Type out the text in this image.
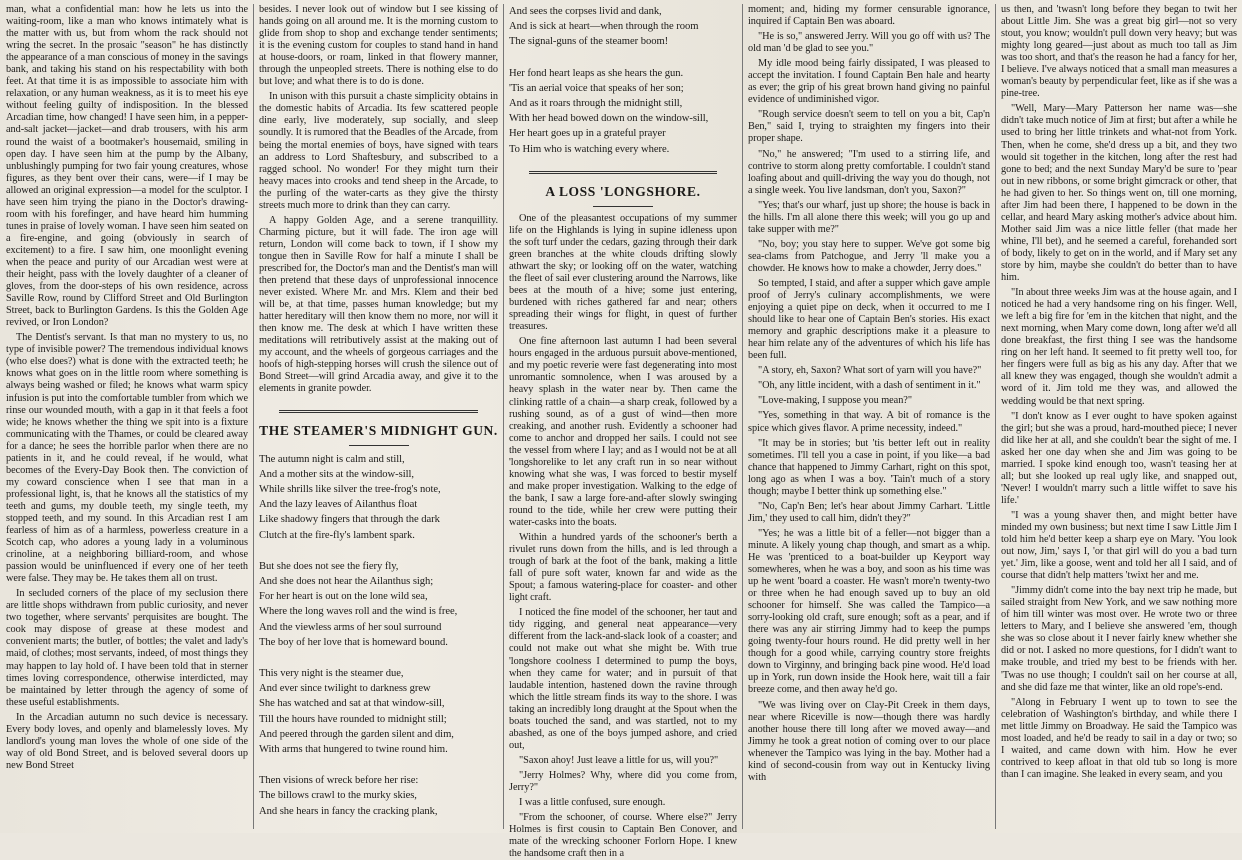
man, what a confidential man: how he lets us into the waiting-room, like a man who knows intimately what is the matter with us, but from whom the rack should not wring the secret. In the prosaic "season" he has distinctly the appearance of a man conscious of money in the savings bank, and taking his stand on his respectability with both feet. At that time it is as impossible to associate him with relaxation, or any human weakness, as it is to meet his eye without feeling guilty of indisposition. In the blessed Arcadian time, how changed! I have seen him, in a pepper-and-salt jacket—jacket—and drab trousers, with his arm round the waist of a bootmaker's housemaid, smiling in open day. I have seen him at the pump by the Albany, unblushingly pumping for two fair young creatures, whose figures, as they bent over their cans, were—if I may be allowed an original expression—a model for the sculptor. I have seen him trying the piano in the Doctor's drawing-room with his forefinger, and have heard him humming tunes in praise of lovely woman. I have seen him seated on a fire-engine, and going (obviously in search of excitement) to a fire. I saw him, one moonlight evening when the peace and purity of our Arcadian west were at their height, pass with the lovely daughter of a cleaner of gloves, from the door-steps of his own residence, across Saville Row, round by Clifford Street and Old Burlington Street, back to Burlington Gardens. Is this the Golden Age revived, or Iron London?

The Dentist's servant. Is that man no mystery to us, no type of invisible power? The tremendous individual knows (who else does?) what is done with the extracted teeth; he knows what goes on in the little room where something is always being washed or filed; he knows what warm spicy infusion is put into the comfortable tumbler from which we rinse our wounded mouth, with a gap in it that feels a foot wide; he knows whether the thing we spit into is a fixture communicating with the Thames, or could be cleared away for a dance; he sees the horrible parlor when there are no patients in it, and he could reveal, if he would, what becomes of the Every-Day Book then. The conviction of my coward conscience when I see that man in a professional light, is, that he knows all the statistics of my teeth and gums, my double teeth, my single teeth, my stopped teeth, and my sound. In this Arcadian rest I am fearless of him as of a harmless, powerless creature in a Scotch cap, who adores a young lady in a voluminous crinoline, at a neighboring billiard-room, and whose passion would be uninfluenced if every one of her teeth were false. They may be. He takes them all on trust.

In secluded corners of the place of my seclusion there are little shops withdrawn from public curiosity, and never two together, where servants' perquisites are bought. The cook may dispose of grease at these modest and convenient marts; the butler, of bottles; the valet and lady's maid, of clothes; most servants, indeed, of most things they may happen to lay hold of. I have been told that in sterner times loving correspondence, otherwise interdicted, may be maintained by letter through the agency of some of these useful establishments.

In the Arcadian autumn no such device is necessary. Every body loves, and openly and blamelessly loves. My landlord's young man loves the whole of one side of the way of old Bond Street, and is beloved several doors up new Bond Street

besides. I never look out of window but I see kissing of hands going on all around me. It is the morning custom to glide from shop to shop and exchange tender sentiments; it is the evening custom for couples to stand hand in hand at house-doors, or roam, linked in that flowery manner, through the unpeopled streets. There is nothing else to do but love; and what there is to do is done.

In unison with this pursuit a chaste simplicity obtains in the domestic habits of Arcadia. Its few scattered people dine early, live moderately, sup socially, and sleep soundly. It is rumored that the Beadles of the Arcade, from being the mortal enemies of boys, have signed with tears an address to Lord Shaftesbury, and subscribed to a ragged school. No wonder! For they might turn their heavy maces into crooks and tend sheep in the Arcade, to the purling of the water-carts as they give the thirsty streets much more to drink than they can carry.

A happy Golden Age, and a serene tranquillity. Charming picture, but it will fade. The iron age will return, London will come back to town, if I show my tongue then in Saville Row for half a minute I shall be prescribed for, the Doctor's man and the Dentist's man will then pretend that these days of unprofessional innocence never existed. Where Mr. and Mrs. Klem and their bed will be, at that time, passes human knowledge; but my hatter hereditary will then know them no more, nor will it then know me. The desk at which I have written these meditations will retributively assist at the making out of my account, and the wheels of gorgeous carriages and the hoofs of high-stepping horses will crush the silence out of Bond Street—will grind Arcadia away, and give it to the elements in granite powder.

THE STEAMER'S MIDNIGHT GUN.
The autumn night is calm and still,
And a mother sits at the window-sill,
While shrills like silver the tree-frog's note,
And the lazy leaves of Ailanthus float
Like shadowy fingers that through the dark
Clutch at the fire-fly's lambent spark.
But she does not see the fiery fly,
And she does not hear the Ailanthus sigh;
For her heart is out on the lone wild sea,
Where the long waves roll and the wind is free,
And the viewless arms of her soul surround
The boy of her love that is homeward bound.
This very night is the steamer due,
And ever since twilight to darkness grew
She has watched and sat at that window-sill,
Till the hours have rounded to midnight still;
And peered through the garden silent and dim,
With arms that hungered to twine round him.
Then visions of wreck before her rise:
The billows crawl to the murky skies,
And she hears in fancy the cracking plank,
And sees the corpses livid and dank,
And is sick at heart—when through the room
The signal-guns of the steamer boom!
Her fond heart leaps as she hears the gun.
'Tis an aerial voice that speaks of her son;
And as it roars through the midnight still,
With her head bowed down on the window-sill,
Her heart goes up in a grateful prayer
To Him who is watching every where.
A LOSS 'LONGSHORE.

One of the pleasantest occupations of my summer life on the Highlands is lying in supine idleness upon the soft turf under the cedars, gazing through their dark green branches at the white clouds drifting slowly athwart the sky; or looking off on the water, watching the fleet of sail ever clustering around the Narrows, like bees at the mouth of a hive; some just entering, burdened with riches gathered far and near; others spreading their wings for flight, in quest of further treasures.

One fine afternoon last autumn I had been several hours engaged in the arduous pursuit above-mentioned, and my poetic reverie were fast degenerating into most unromantic somnolence, when I was aroused by a heavy splash in the water near by. Then came the clinking rattle of a chain—a sharp creak, followed by a rushing sound, as of a gust of wind—then more creaking, and another rush. Evidently a schooner had come to anchor and dropped her sails. I could not see the vessel from where I lay; and as I would not be at all 'longshorelike to let any craft run in so near without knowing what she was, I was forced to bestir myself and make proper investigation. Walking to the edge of the bank, I saw a large fore-and-after slowly swinging round to the tide, while her crew were putting their water-casks into the boats.

Within a hundred yards of the schooner's berth a rivulet runs down from the hills, and is led through a trough of bark at the foot of the bank, making a little fall of pure soft water, known far and wide as the Spout; a famous watering-place for coaster- and other light craft.

I noticed the fine model of the schooner, her taut and tidy rigging, and general neat appearance—very different from the lack-and-slack look of a coaster; and could not make out what she might be. With true 'longshore coolness I determined to pump the boys, when they came for water; and in pursuit of that laudable intention, hastened down the ravine through which the little stream finds its way to the shore. I was taking an incredibly long draught at the Spout when the boats touched the sand, and was startled, not to my abashed, as one of the boys jumped ashore, and cried out,

"Saxon ahoy! Just leave a little for us, will you?"

"Jerry Holmes? Why, where did you come from, Jerry?"

I was a little confused, sure enough.

"From the schooner, of course. Where else?" Jerry Holmes is first cousin to Captain Ben Conover, and mate of the wrecking schooner Forlorn Hope. I knew the handsome craft then in a

moment; and, hiding my former censurable ignorance, inquired if Captain Ben was aboard.

"He is so," answered Jerry. Will you go off with us? The old man 'd be glad to see you."

My idle mood being fairly dissipated, I was pleased to accept the invitation. I found Captain Ben hale and hearty as ever; the grip of his great brown hand giving no painful evidence of undiminished vigor.

"Rough service doesn't seem to tell on you a bit, Cap'n Ben," said I, trying to straighten my fingers into their proper shape.

"No," he answered; "I'm used to a stirring life, and contrive to storm along pretty comfortable. I couldn't stand loafing about and quill-driving the way you do though, not a single week. You live landsman, don't you, Saxon?"

"Yes; that's our wharf, just up shore; the house is back in the hills. I'm all alone there this week; will you go up and take supper with me?"

"No, boy; you stay here to supper. We've got some big sea-clams from Patchogue, and Jerry 'll make you a chowder. He knows how to make a chowder, Jerry does."

So tempted, I staid, and after a supper which gave ample proof of Jerry's culinary accomplishments, we were enjoying a quiet pipe on deck, when it occurred to me I should like to hear one of Captain Ben's stories. His exact memory and graphic descriptions make it a pleasure to hear him relate any of the adventures of which his life has been full.

"A story, eh, Saxon? What sort of yarn will you have?"

"Oh, any little incident, with a dash of sentiment in it."

"Love-making, I suppose you mean?"

"Yes, something in that way. A bit of romance is the spice which gives flavor. A prime necessity, indeed."

"It may be in stories; but 'tis better left out in reality sometimes. I'll tell you a case in point, if you like—a bad chance that happened to Jimmy Carhart, right on this spot, long ago as when I was a boy. 'Tain't much of a story though; maybe I better think up something else."

"No, Cap'n Ben; let's hear about Jimmy Carhart. 'Little Jim,' they used to call him, didn't they?"

"Yes; he was a little bit of a feller—not bigger than a minute. A likely young chap though, and smart as a whip. He was 'prenticed to a boat-builder up Keyport way somewheres, when he was a boy, and soon as his time was up he went 'board a coaster. He wasn't more'n twenty-two or three when he had enough saved up to buy an old schooner for himself. She was called the Tampico—a sorry-looking old craft, sure enough; soft as a pear, and if there was any air stirring Jimmy had to keep the pumps going twenty-four hours round. He did pretty well in her though for a good while, carrying country store freights down to Virginny, and bringing back pine wood. He'd load up in York, run down inside the Hook here, wait till a fair breeze come, and then away he'd go.

"We was living over on Clay-Pit Creek in them days, near where Riceville is now—though there was hardly another house there till long after we moved away—and Jimmy he took a great notion of coming over to our place whenever the Tampico was lying in the bay. Mother had a kind of second-cousin from way out in Kentucky living with

us then, and 'twasn't long before they began to twit her about Little Jim. She was a great big girl—not so very stout, you know; wouldn't pull down very heavy; but was mighty long geared—just about as much too tall as Jim was too short, and that's the reason he had a fancy for her, I believe. I've always noticed that a small man measures a woman's beauty by perpendicular feet, like as if she was a pine-tree.

"Well, Mary—Mary Patterson her name was—she didn't take much notice of Jim at first; but after a while he used to bring her little trinkets and what-not from York. Then, when he come, she'd dress up a bit, and they two would sit together in the kitchen, long after the rest had gone to bed; and the next Sunday Mary'd be sure to 'pear out in new ribbons, or some bright gimcrack or other, that he had given to her. So things went on, till one morning, after Jim had been there, I happened to be down in the cellar, and heard Mary asking mother's advice about him. Mother said Jim was a nice little feller (that made her whine, I'll bet), and he seemed a careful, forehanded sort of body, likely to get on in the world, and if Mary set any store by him, maybe she couldn't do better than to have him.

"In about three weeks Jim was at the house again, and I noticed he had a very handsome ring on his finger. Well, we left a big fire for 'em in the kitchen that night, and the next morning, when Mary come down, long after we'd all done breakfast, the first thing I see was the handsome ring on her left hand. It seemed to fit pretty well too, for her fingers were full as big as his any day. After that we all knew they was engaged, though she wouldn't admit a word of it. Jim told me they was, and allowed the wedding would be that next spring.

"I don't know as I ever ought to have spoken against the girl; but she was a proud, hard-mouthed piece; I never did like her at all, and she couldn't bear the sight of me. I asked her one day when she and Jim was going to be married. I spoke kind enough too, wasn't teasing her at all; but she looked up real ugly like, and snapped out, 'Never! I wouldn't marry such a little wiffet to save his life.'

"I was a young shaver then, and might better have minded my own business; but next time I saw Little Jim I told him he'd better keep a sharp eye on Mary. 'You look out now, Jim,' says I, 'or that girl will do you a bad turn yet.' Jim, like a goose, went and told her all I said, and of course that didn't help matters 'twixt her and me.

"Jimmy didn't come into the bay next trip he made, but sailed straight from New York, and we saw nothing more of him till winter was most over. He wrote two or three letters to Mary, and I believe she answered 'em, though she was so close about it I never fairly knew whether she did or not. I asked no more questions, for I didn't want to make trouble, and tried my best to be friends with her. 'Twas no use though; I couldn't sail on her course at all, and she did faze me that winter, like an old rope's-end.

"Along in February I went up to town to see the celebration of Washington's birthday, and while there I met little Jimmy on Broadway. He said the Tampico was most loaded, and he'd be ready to sail in a day or two; so I waited, and came down with him. How he ever contrived to keep afloat in that old tub so long is more than I can imagine. She leaked in every seam, and you
